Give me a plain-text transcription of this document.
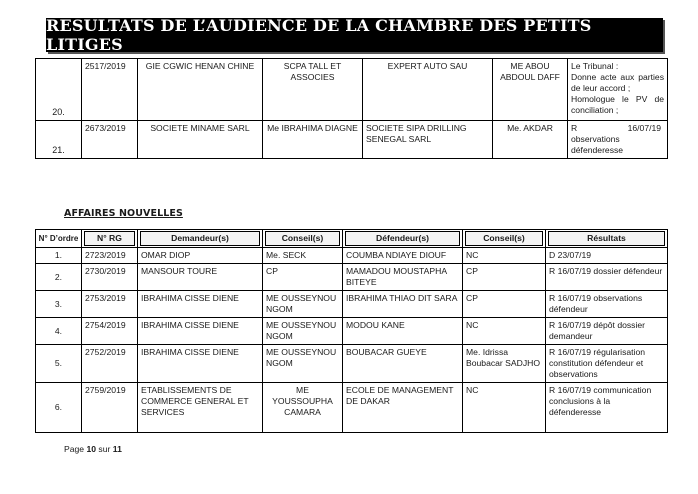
RESULTATS DE L’AUDIENCE DE LA CHAMBRE DES PETITS LITIGES
20.	2517/2019	GIE CGWIC HENAN CHINE	SCPA TALL ET ASSOCIES	EXPERT AUTO SAU	ME ABOU ABDOUL DAFF	Le Tribunal :
Donne acte aux parties de leur accord ;
Homologue le PV de conciliation ;

21.	2673/2019	SOCIETE MINAME SARL	Me IBRAHIMA DIAGNE	SOCIETE SIPA DRILLING SENEGAL SARL	Me. AKDAR	R 16/07/19
observations défenderesse
AFFAIRES NOUVELLES
N° D’ordre	N° RG	Demandeur(s)	Conseil(s)	Défendeur(s)	Conseil(s)	Résultats

1.	2723/2019	OMAR DIOP	Me. SECK	COUMBA NDIAYE DIOUF	NC	D 23/07/19
2.	2730/2019	MANSOUR TOURE	CP	MAMADOU MOUSTAPHA BITEYE	CP	R 16/07/19 dossier défendeur
3.	2753/2019	IBRAHIMA CISSE DIENE	ME OUSSEYNOU NGOM	IBRAHIMA THIAO DIT SARA	CP	R 16/07/19 observations défendeur
4.	2754/2019	IBRAHIMA CISSE DIENE	ME OUSSEYNOU NGOM	MODOU KANE	NC	R 16/07/19 dépôt dossier demandeur
5.	2752/2019	IBRAHIMA CISSE DIENE	ME OUSSEYNOU NGOM	BOUBACAR GUEYE	Me. Idrissa Boubacar SADJHO	R 16/07/19 régularisation constitution défendeur et observations
6.	2759/2019	ETABLISSEMENTS DE COMMERCE GENERAL ET SERVICES	ME YOUSSOUPHA CAMARA	ECOLE DE MANAGEMENT DE DAKAR	NC	R 16/07/19 communication conclusions à la défenderesse
Page 10 sur 11
